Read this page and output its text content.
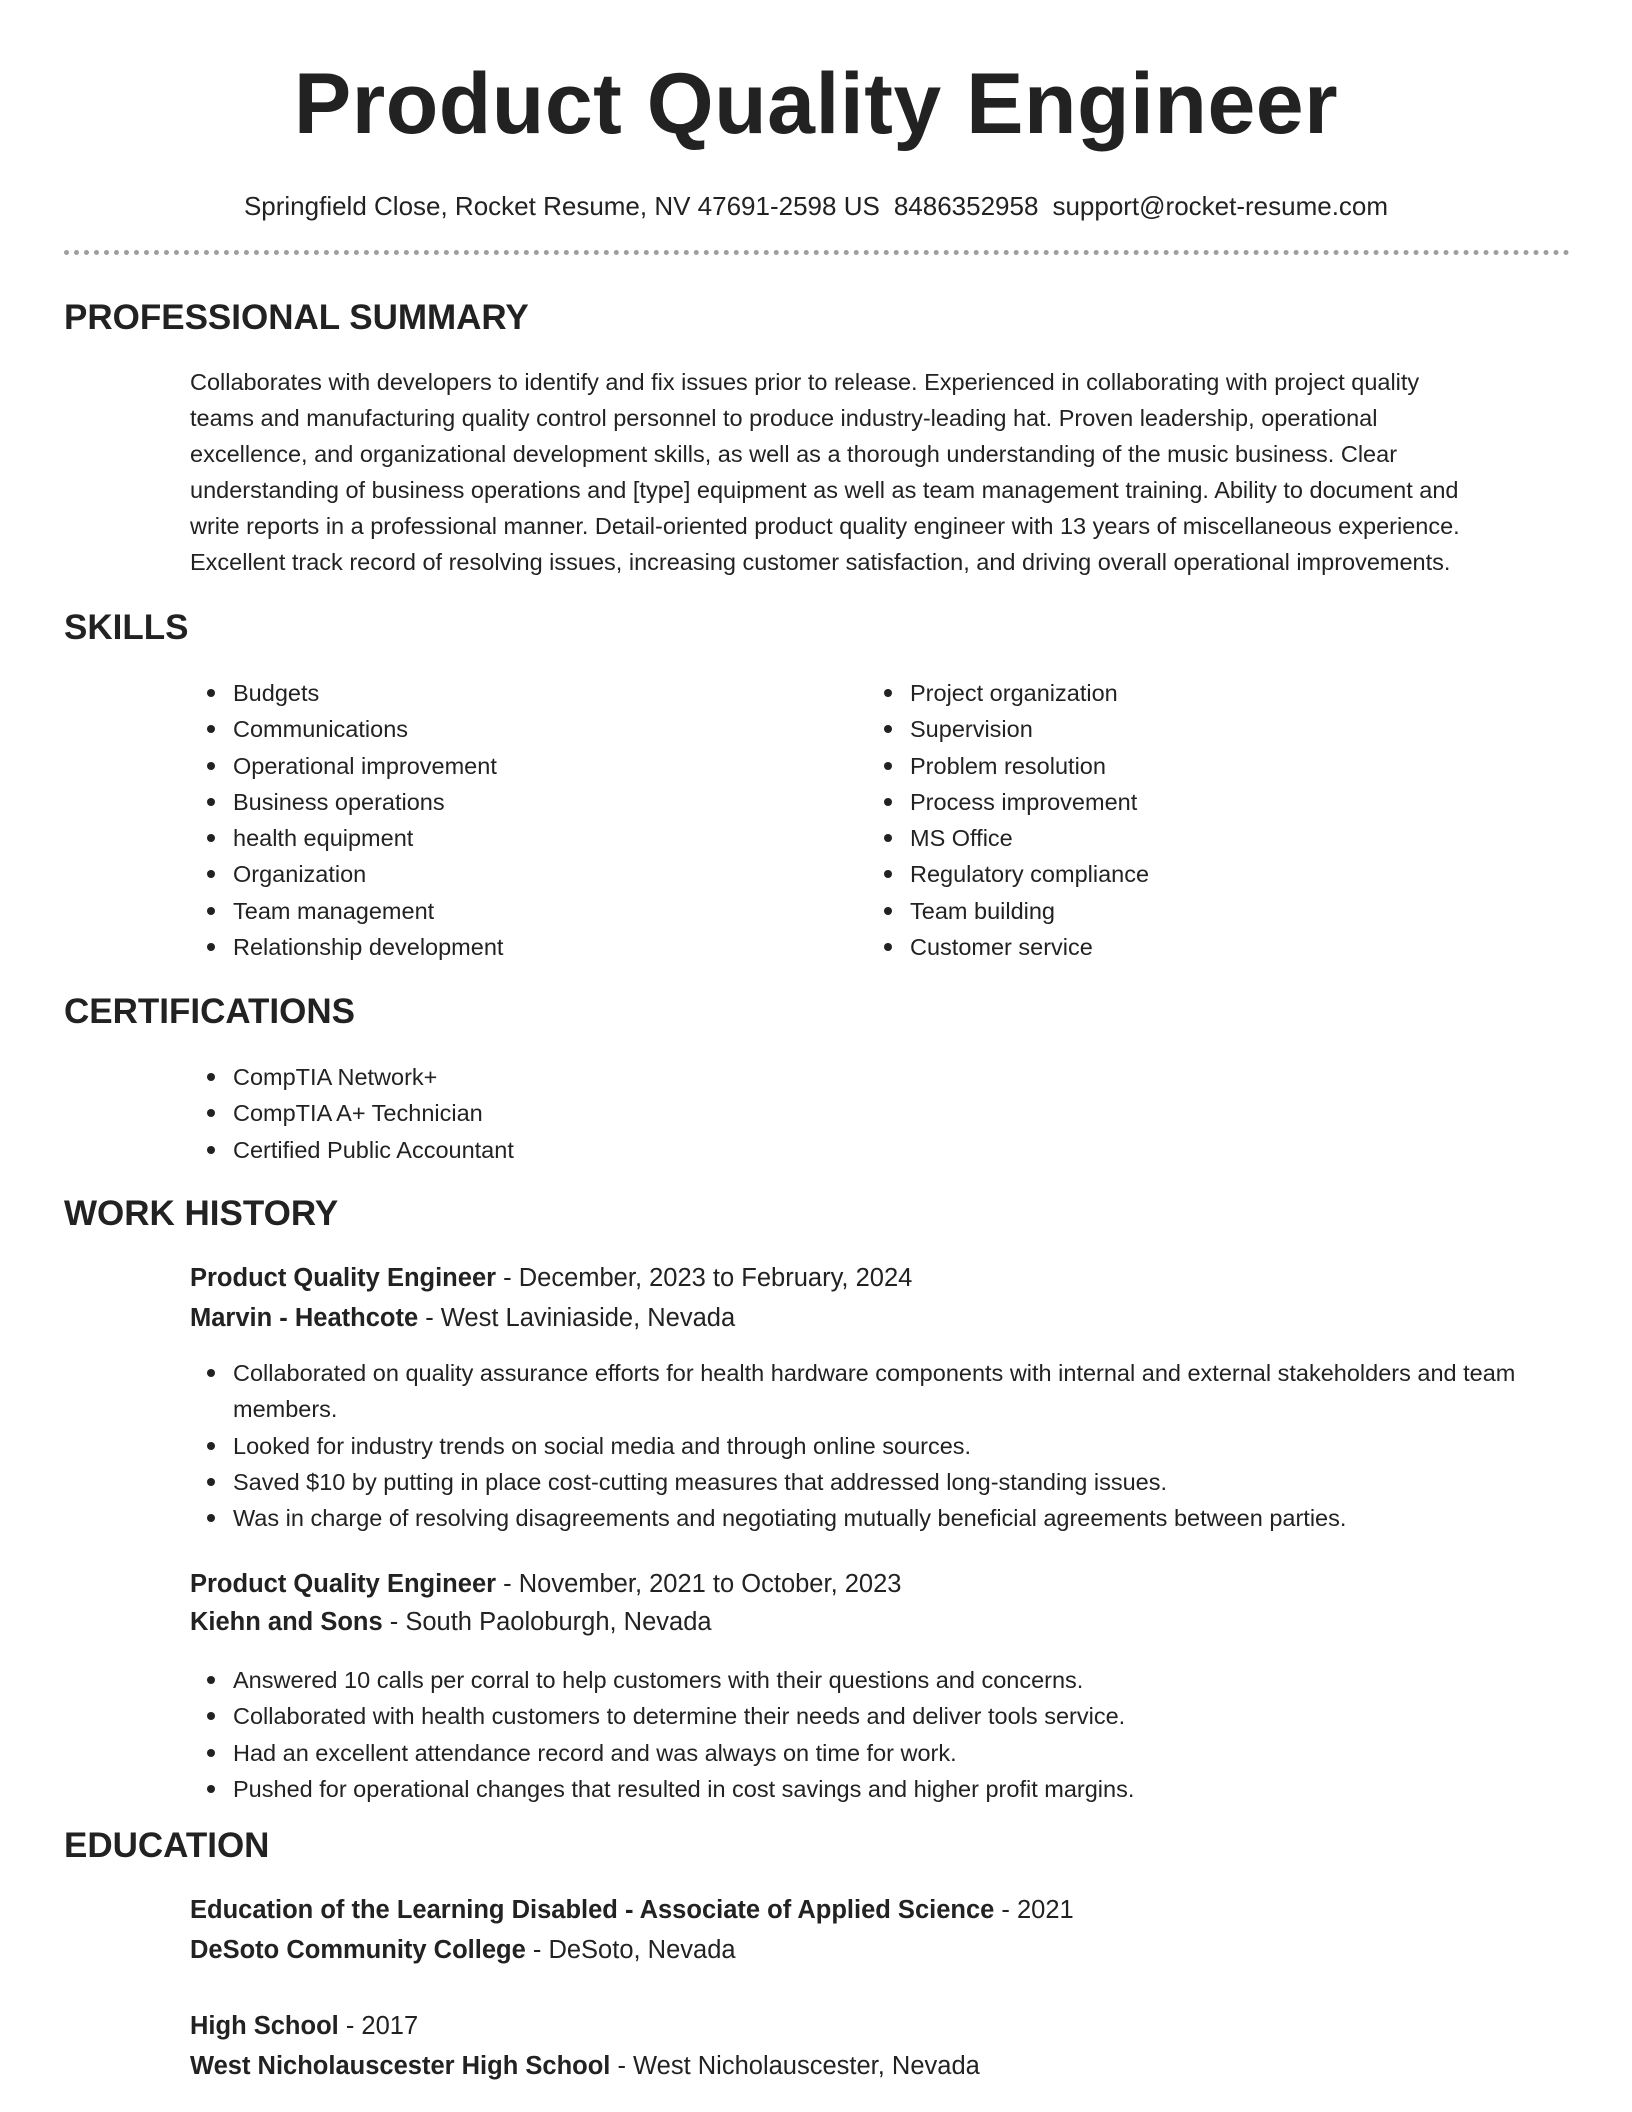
Product Quality Engineer
Springfield Close, Rocket Resume, NV 47691-2598 US 8486352958 support@rocket-resume.com
PROFESSIONAL SUMMARY
Collaborates with developers to identify and fix issues prior to release. Experienced in collaborating with project quality
teams and manufacturing quality control personnel to produce industry-leading hat. Proven leadership, operational
excellence, and organizational development skills, as well as a thorough understanding of the music business. Clear
understanding of business operations and [type] equipment as well as team management training. Ability to document and
write reports in a professional manner. Detail-oriented product quality engineer with 13 years of miscellaneous experience.
Excellent track record of resolving issues, increasing customer satisfaction, and driving overall operational improvements.
SKILLS
Budgets
Communications
Operational improvement
Business operations
health equipment
Organization
Team management
Relationship development
Project organization
Supervision
Problem resolution
Process improvement
MS Office
Regulatory compliance
Team building
Customer service
CERTIFICATIONS
CompTIA Network+
CompTIA A+ Technician
Certified Public Accountant
WORK HISTORY
Product Quality Engineer - December, 2023 to February, 2024
Marvin - Heathcote - West Laviniaside, Nevada
Collaborated on quality assurance efforts for health hardware components with internal and external stakeholders and team members.
Looked for industry trends on social media and through online sources.
Saved $10 by putting in place cost-cutting measures that addressed long-standing issues.
Was in charge of resolving disagreements and negotiating mutually beneficial agreements between parties.
Product Quality Engineer - November, 2021 to October, 2023
Kiehn and Sons - South Paoloburgh, Nevada
Answered 10 calls per corral to help customers with their questions and concerns.
Collaborated with health customers to determine their needs and deliver tools service.
Had an excellent attendance record and was always on time for work.
Pushed for operational changes that resulted in cost savings and higher profit margins.
EDUCATION
Education of the Learning Disabled - Associate of Applied Science - 2021
DeSoto Community College - DeSoto, Nevada
High School - 2017
West Nicholauscester High School - West Nicholauscester, Nevada
